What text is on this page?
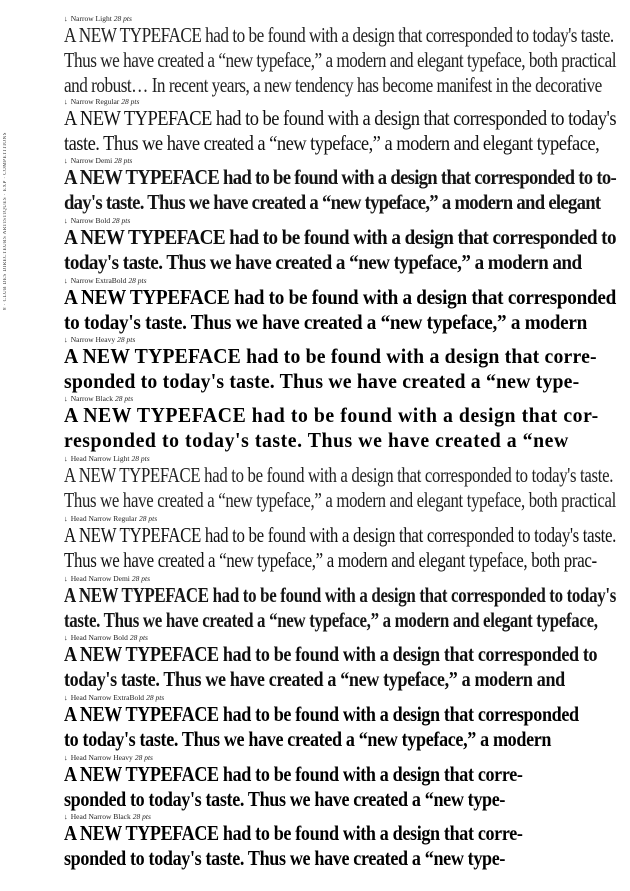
8 · CLUB DES DIRECTEURS ARTISTIQUES · EXP · COMPETITIONS
↓ Narrow Light 28 pts
A NEW TYPEFACE had to be found with a design that corresponded to today's taste.
Thus we have created a “new typeface,” a modern and elegant typeface, both practical
and robust… In recent years, a new tendency has become manifest in the decorative
↓ Narrow Regular 28 pts
A NEW TYPEFACE had to be found with a design that corresponded to today's
taste. Thus we have created a “new typeface,” a modern and elegant typeface,
↓ Narrow Demi 28 pts
A NEW TYPEFACE had to be found with a design that corresponded to to-
day's taste. Thus we have created a “new typeface,” a modern and elegant
↓ Narrow Bold 28 pts
A NEW TYPEFACE had to be found with a design that corresponded to
today's taste. Thus we have created a “new typeface,” a modern and
↓ Narrow ExtraBold 28 pts
A NEW TYPEFACE had to be found with a design that corresponded
to today's taste. Thus we have created a “new typeface,” a modern
↓ Narrow Heavy 28 pts
A NEW TYPEFACE had to be found with a design that corre-
sponded to today's taste. Thus we have created a “new type-
↓ Narrow Black 28 pts
A NEW TYPEFACE had to be found with a design that cor-
responded to today's taste. Thus we have created a “new
↓ Head Narrow Light 28 pts
A NEW TYPEFACE had to be found with a design that corresponded to today's taste.
Thus we have created a “new typeface,” a modern and elegant typeface, both practical
↓ Head Narrow Regular 28 pts
A NEW TYPEFACE had to be found with a design that corresponded to today's taste.
Thus we have created a “new typeface,” a modern and elegant typeface, both prac-
↓ Head Narrow Demi 28 pts
A NEW TYPEFACE had to be found with a design that corresponded to today's
taste. Thus we have created a “new typeface,” a modern and elegant typeface,
↓ Head Narrow Bold 28 pts
A NEW TYPEFACE had to be found with a design that corresponded to
today's taste. Thus we have created a “new typeface,” a modern and
↓ Head Narrow ExtraBold 28 pts
A NEW TYPEFACE had to be found with a design that corresponded
to today's taste. Thus we have created a “new typeface,” a modern
↓ Head Narrow Heavy 28 pts
A NEW TYPEFACE had to be found with a design that corre-
sponded to today's taste. Thus we have created a “new type-
↓ Head Narrow Black 28 pts
A NEW TYPEFACE had to be found with a design that corre-
sponded to today's taste. Thus we have created a “new type-
